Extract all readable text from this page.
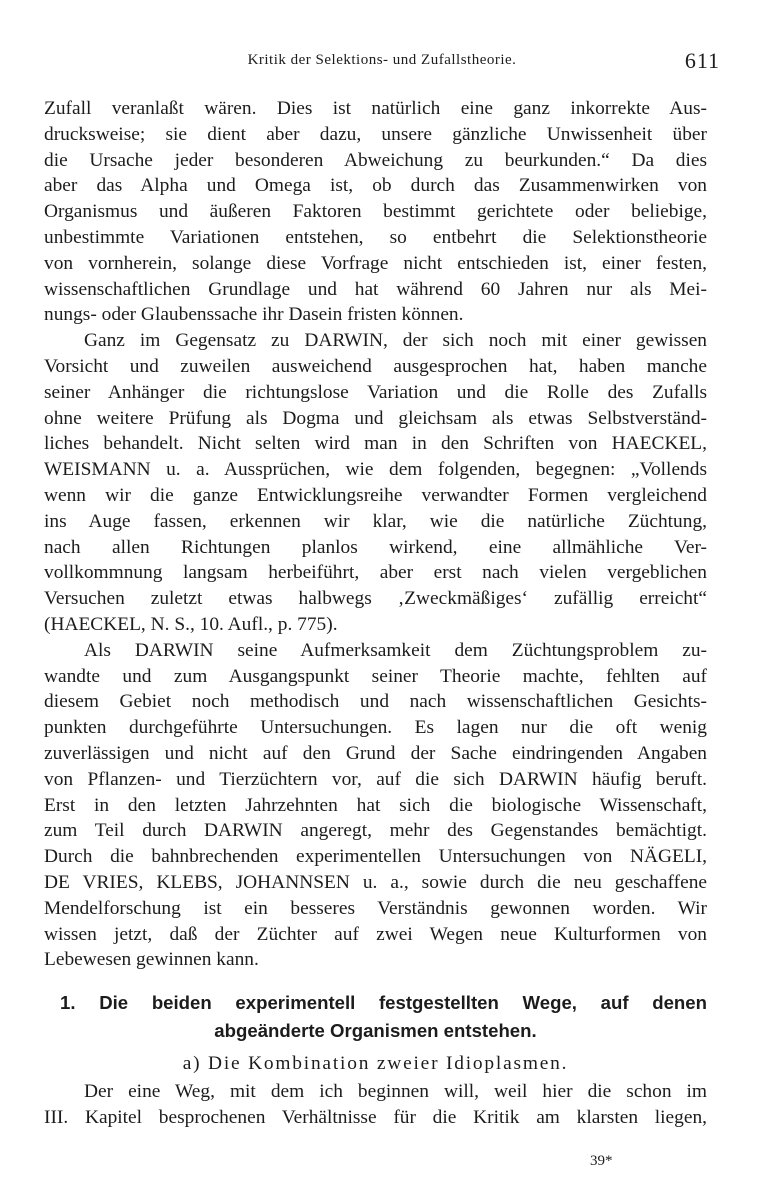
Kritik der Selektions- und Zufallstheorie.	611
Zufall veranlaßt wären. Dies ist natürlich eine ganz inkorrekte Aus-
drucksweise; sie dient aber dazu, unsere gänzliche Unwissenheit über
die Ursache jeder besonderen Abweichung zu beurkunden.“ Da dies
aber das Alpha und Omega ist, ob durch das Zusammenwirken von
Organismus und äußeren Faktoren bestimmt gerichtete oder beliebige,
unbestimmte Variationen entstehen, so entbehrt die Selektionstheorie
von vornherein, solange diese Vorfrage nicht entschieden ist, einer festen,
wissenschaftlichen Grundlage und hat während 60 Jahren nur als Mei-
nungs- oder Glaubenssache ihr Dasein fristen können.
Ganz im Gegensatz zu DARWIN, der sich noch mit einer gewissen
Vorsicht und zuweilen ausweichend ausgesprochen hat, haben manche
seiner Anhänger die richtungslose Variation und die Rolle des Zufalls
ohne weitere Prüfung als Dogma und gleichsam als etwas Selbstverständ-
liches behandelt. Nicht selten wird man in den Schriften von HAECKEL,
WEISMANN u. a. Aussprüchen, wie dem folgenden, begegnen: „Vollends
wenn wir die ganze Entwicklungsreihe verwandter Formen vergleichend
ins Auge fassen, erkennen wir klar, wie die natürliche Züchtung,
nach allen Richtungen planlos wirkend, eine allmähliche Ver-
vollkommnung langsam herbeiführt, aber erst nach vielen vergeblichen
Versuchen zuletzt etwas halbwegs ‚Zweckmäßiges‘ zufällig erreicht“
(HAECKEL, N. S., 10. Aufl., p. 775).
Als DARWIN seine Aufmerksamkeit dem Züchtungsproblem zu-
wandte und zum Ausgangspunkt seiner Theorie machte, fehlten auf
diesem Gebiet noch methodisch und nach wissenschaftlichen Gesichts-
punkten durchgeführte Untersuchungen. Es lagen nur die oft wenig
zuverlässigen und nicht auf den Grund der Sache eindringenden Angaben
von Pflanzen- und Tierzüchtern vor, auf die sich DARWIN häufig beruft.
Erst in den letzten Jahrzehnten hat sich die biologische Wissenschaft,
zum Teil durch DARWIN angeregt, mehr des Gegenstandes bemächtigt.
Durch die bahnbrechenden experimentellen Untersuchungen von NÄGELI,
DE VRIES, KLEBS, JOHANNSEN u. a., sowie durch die neu geschaffene
Mendelforschung ist ein besseres Verständnis gewonnen worden. Wir
wissen jetzt, daß der Züchter auf zwei Wegen neue Kulturformen von
Lebewesen gewinnen kann.
1. Die beiden experimentell festgestellten Wege, auf denen
abgeänderte Organismen entstehen.
a) Die Kombination zweier Idioplasmen.
Der eine Weg, mit dem ich beginnen will, weil hier die schon im
III. Kapitel besprochenen Verhältnisse für die Kritik am klarsten liegen,
39*
